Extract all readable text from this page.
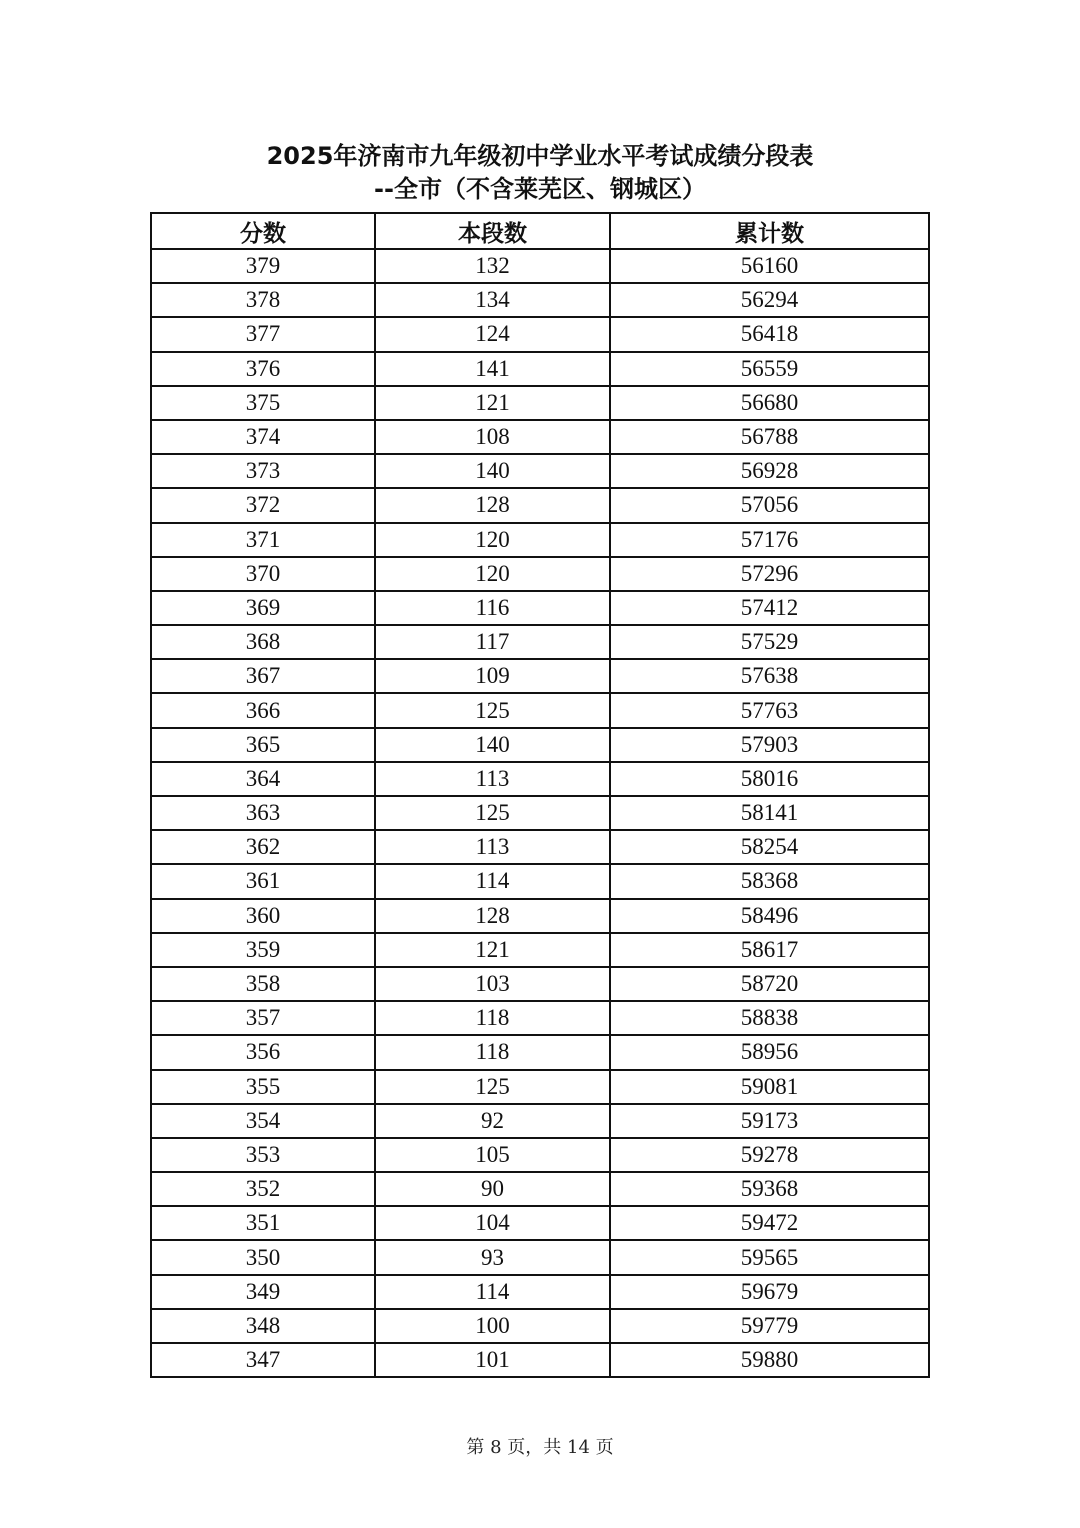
2025年济南市九年级初中学业水平考试成绩分段表
--全市（不含莱芜区、钢城区）
分数	本段数	累计数
379	132	56160
378	134	56294
377	124	56418
376	141	56559
375	121	56680
374	108	56788
373	140	56928
372	128	57056
371	120	57176
370	120	57296
369	116	57412
368	117	57529
367	109	57638
366	125	57763
365	140	57903
364	113	58016
363	125	58141
362	113	58254
361	114	58368
360	128	58496
359	121	58617
358	103	58720
357	118	58838
356	118	58956
355	125	59081
354	92	59173
353	105	59278
352	90	59368
351	104	59472
350	93	59565
349	114	59679
348	100	59779
347	101	59880
第 8 页，共 14 页
